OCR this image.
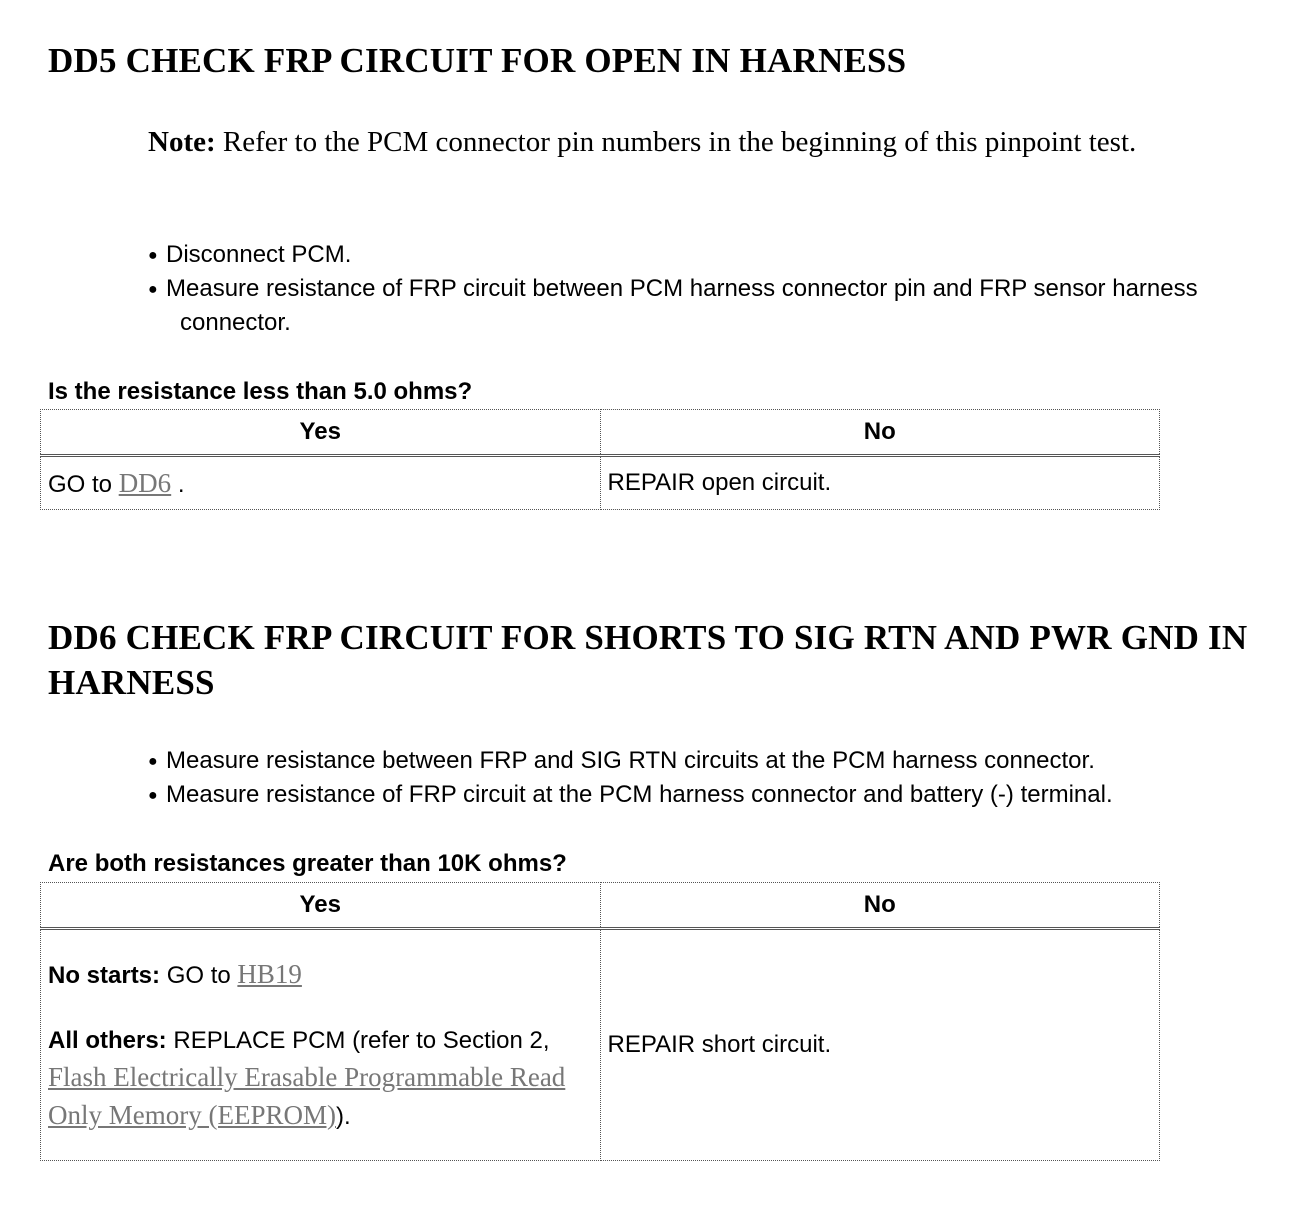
DD5 CHECK FRP CIRCUIT FOR OPEN IN HARNESS

Note: Refer to the PCM connector pin numbers in the beginning of this pinpoint test.

● Disconnect PCM.
● Measure resistance of FRP circuit between PCM harness connector pin and FRP sensor harness connector.

Is the resistance less than 5.0 ohms?

Yes	No
GO to DD6 .	REPAIR open circuit.
DD6 CHECK FRP CIRCUIT FOR SHORTS TO SIG RTN AND PWR GND IN HARNESS
● Measure resistance between FRP and SIG RTN circuits at the PCM harness connector.
● Measure resistance of FRP circuit at the PCM harness connector and battery (-) terminal.

Are both resistances greater than 10K ohms?

Yes	No

No starts: GO to HB19

All others: REPLACE PCM (refer to Section 2, Flash Electrically Erasable Programmable Read Only Memory (EEPROM)).	REPAIR short circuit.
